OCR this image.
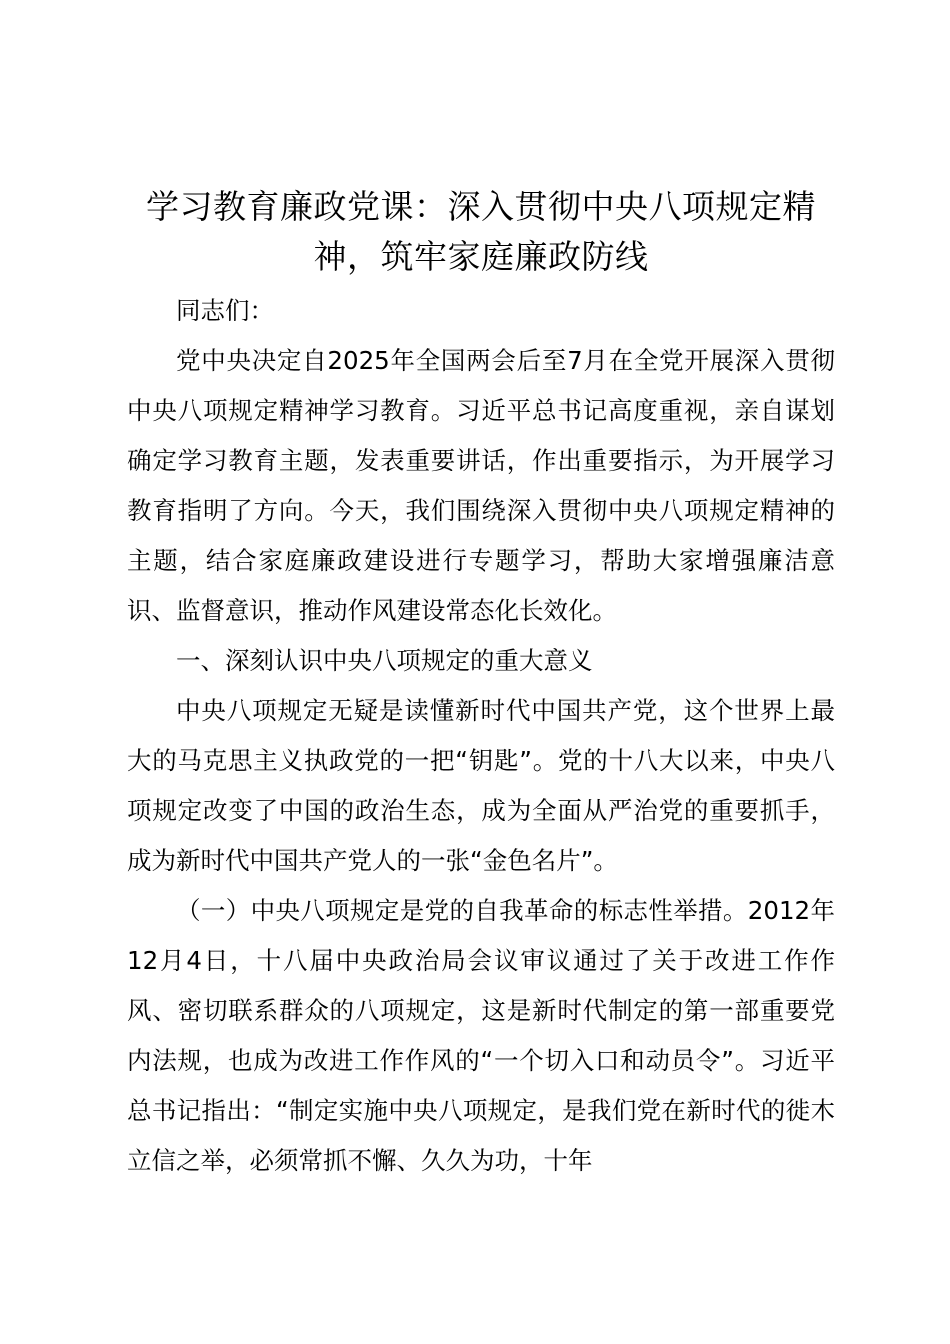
学习教育廉政党课：深入贯彻中央八项规定精神，筑牢家庭廉政防线

同志们：

党中央决定自2025年全国两会后至7月在全党开展深入贯彻中央八项规定精神学习教育。习近平总书记高度重视，亲自谋划确定学习教育主题，发表重要讲话，作出重要指示，为开展学习教育指明了方向。今天，我们围绕深入贯彻中央八项规定精神的主题，结合家庭廉政建设进行专题学习，帮助大家增强廉洁意识、监督意识，推动作风建设常态化长效化。

一、深刻认识中央八项规定的重大意义

中央八项规定无疑是读懂新时代中国共产党，这个世界上最大的马克思主义执政党的一把“钥匙”。党的十八大以来，中央八项规定改变了中国的政治生态，成为全面从严治党的重要抓手，成为新时代中国共产党人的一张“金色名片”。

（一）中央八项规定是党的自我革命的标志性举措。2012年12月4日，十八届中央政治局会议审议通过了关于改进工作作风、密切联系群众的八项规定，这是新时代制定的第一部重要党内法规，也成为改进工作作风的“一个切入口和动员令”。习近平总书记指出：“制定实施中央八项规定，是我们党在新时代的徙木立信之举，必须常抓不懈、久久为功，十年
